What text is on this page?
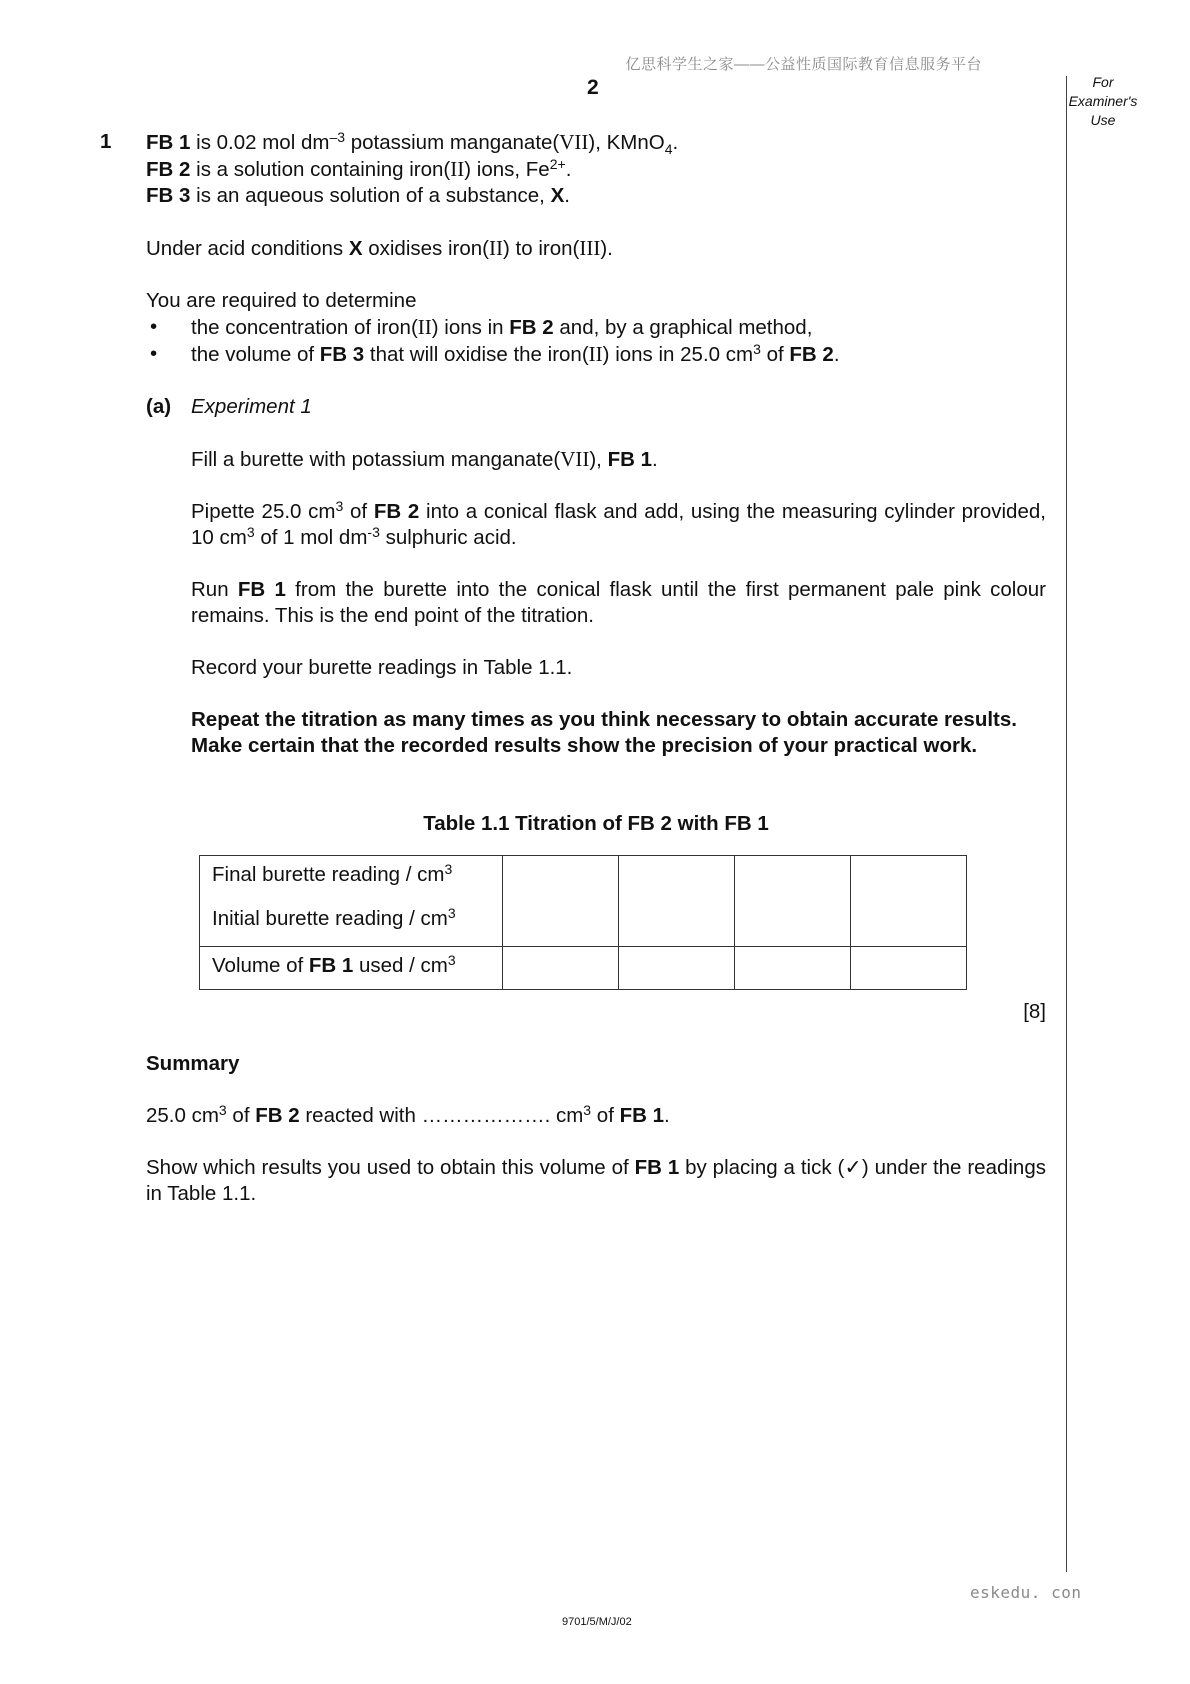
亿思科学生之家——公益性质国际教育信息服务平台
2	For
Examiner's
Use
1 FB 1 is 0.02 mol $dm^{-3}$ potassium manganate(VII), KMnO$_4$.

FB 2 is a solution containing iron(II) ions, $Fe^{2+}$.

FB 3 is an aqueous solution of a substance, X.

Under acid conditions X oxidises iron(II) to iron(III).

You are required to determine

• the concentration of iron(II) ions in FB 2 and, by a graphical method,
• the volume of FB 3 that will oxidise the iron(II) ions in 25.0 $cm^3$ of FB 2.

(a) Experiment 1

Fill a burette with potassium manganate(VII), FB 1.

Pipette 25.0 $cm^3$ of FB 2 into a conical flask and add, using the measuring cylinder provided, 10 $cm^3$ of 1 mol $dm^{-3}$ sulphuric acid.

Run FB 1 from the burette into the conical flask until the first permanent pale pink colour remains. This is the end point of the titration.

Record your burette readings in Table 1.1.

Repeat the titration as many times as you think necessary to obtain accurate results.

Make certain that the recorded results show the precision of your practical work.

Table 1.1 Titration of FB 2 with FB 1

Final burette reading / $cm^3$
Initial burette reading / $cm^3$

Volume of FB 1 used / $cm^3$				

[8]

Summary

25.0 $cm^3$ of FB 2 reacted with ………………. $cm^3$ of FB 1.

Show which results you used to obtain this volume of FB 1 by placing a tick (✓) under the readings in Table 1.1.

eskedu. con
9701/5/M/J/02
